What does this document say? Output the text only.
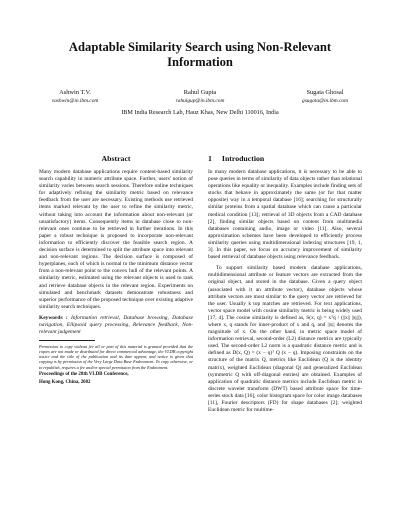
Adaptable Similarity Search using Non-Relevant
Information
Ashwin T.V.
vashwin@in.ibm.com
Rahul Gupta
rahulgup@in.ibm.com
Sugata Ghosal
gsugata@in.ibm.com
IBM India Research Lab, Hauz Khas, New Delhi 110016, India
Abstract

Many modern database applications require content-based similarity search capability in numeric attribute space. Further, users' notion of similarity varies between search sessions. Therefore online techniques for adaptively refining the similarity metric based on relevance feedback from the user are necessary. Existing methods use retrieved items marked relevant by the user to refine the similarity metric, without taking into account the information about non-relevant (or unsatisfactory) items. Consequently items in database close to non-relevant ones continue to be retrieved in further iterations. In this paper a robust technique is proposed to incorporate non-relevant information to efficiently discover the feasible search region. A decision surface is determined to split the attribute space into relevant and non-relevant regions. The decision surface is composed of hyperplanes, each of which is normal to the minimum distance vector from a non-relevant point to the convex hull of the relevant points. A similarity metric, estimated using the relevant objects is used to rank and retrieve database objects in the relevant region. Experiments on simulated and benchmark datasets demonstrate robustness and superior performance of the proposed technique over existing adaptive similarity search techniques.

Keywords : Information retrieval, Database browsing, Database navigation, Ellipsoid query processing, Relevance feedback, Non-relevant judgement

Permission to copy without fee all or part of this material is granted provided that the copies are not made or distributed for direct commercial advantage, the VLDB copyright notice and the title of the publication and its date appear, and notice is given that copying is by permission of the Very Large Data Base Endowment. To copy otherwise, or to republish, requires a fee and/or special permission from the Endowment.
Proceedings of the 28th VLDB Conference,
Hong Kong, China, 2002
1 Introduction

In many modern database applications, it is necessary to be able to pose queries in terms of similarity of data objects rather than relational operations like equality or inequality. Examples include finding sets of stocks that behave in approximately the same (or for that matter opposite) way in a temporal database [16]; searching for structurally similar proteins from a spatial database which can cause a particular medical condition [13]; retrieval of 3D objects from a CAD database [2], finding similar objects based on content from multimedia databases containing audio, image or video [11]. Also, several approximation schemes have been developed to efficiently process similarity queries using multidimensional indexing structures [19, 1, 3]. In this paper, we focus on accuracy improvement of similarity based retrieval of database objects using relevance feedback.

To support similarity based modern database applications, multidimensional attribute or feature vectors are extracted from the original object, and stored in the database. Given a query object (associated with it an attribute vector), database objects whose attribute vectors are most similar to the query vector are retrieved for the user. Usually k top matches are retrieved. For text applications, vector space model with cosine similarity metric is being widely used [17, 4]. The cosine similarity is defined as, S(x, q) = xᵀq / (||x|| ||q||), where x, q stands for inner-product of x and q, and ||x|| denotes the magnitude of x. On the other hand, in metric space model of information retrieval, second-order (L2) distance metrics are typically used. The second-order L2 norm is a quadratic distance metric and is defined as D(x, Q) = (x − q)ᵀ Q (x − q). Imposing constraints on the structure of the matrix Q, metrics like Euclidean (Q is the identity matrix), weighted Euclidean (diagonal Q) and generalized Euclidean (symmetric Q with off-diagonal entries) are obtained. Examples of application of quadratic distance metrics include Euclidean metric in discrete wavelet transform (DWT) based attribute space for time-series stock data [16], color histogram space for color image databases [11], Fourier descriptors (FD) for shape databases [2]; weighted Euclidean metric for multime-
